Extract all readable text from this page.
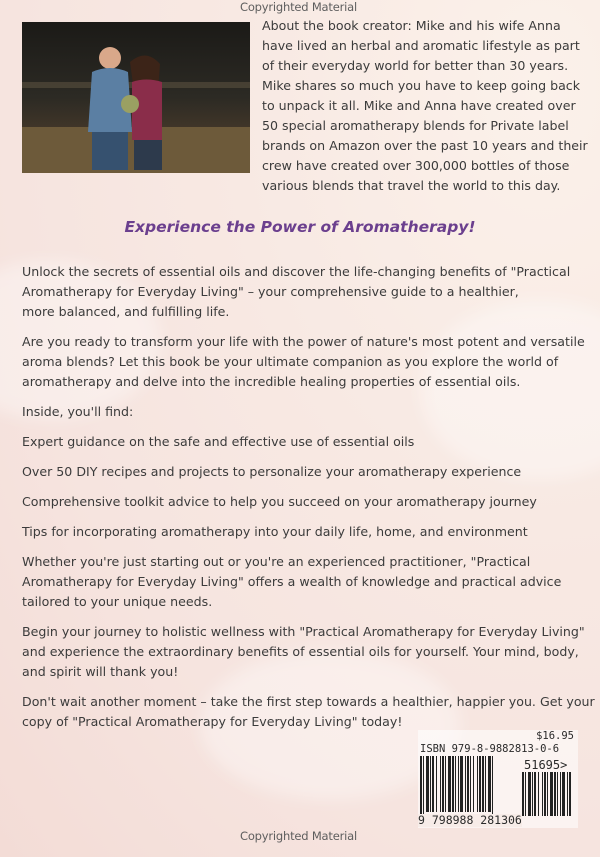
Copyrighted Material
About the book creator: Mike and his wife Anna
have lived an herbal and aromatic lifestyle as part
of their everyday world for better than 30 years.
Mike shares so much you have to keep going back
to unpack it all. Mike and Anna have created over
50 special aromatherapy blends for Private label
brands on Amazon over the past 10 years and their
crew have created over 300,000 bottles of those
various blends that travel the world to this day.
Experience the Power of Aromatherapy!
Unlock the secrets of essential oils and discover the life-changing benefits of "Practical
Aromatherapy for Everyday Living" – your comprehensive guide to a healthier,
more balanced, and fulfilling life.
Are you ready to transform your life with the power of nature's most potent and versatile
aroma blends? Let this book be your ultimate companion as you explore the world of
aromatherapy and delve into the incredible healing properties of essential oils.
Inside, you'll find:
Expert guidance on the safe and effective use of essential oils
Over 50 DIY recipes and projects to personalize your aromatherapy experience
Comprehensive toolkit advice to help you succeed on your aromatherapy journey
Tips for incorporating aromatherapy into your daily life, home, and environment
Whether you're just starting out or you're an experienced practitioner, "Practical
Aromatherapy for Everyday Living" offers a wealth of knowledge and practical advice
tailored to your unique needs.
Begin your journey to holistic wellness with "Practical Aromatherapy for Everyday Living"
and experience the extraordinary benefits of essential oils for yourself. Your mind, body,
and spirit will thank you!
Don't wait another moment – take the first step towards a healthier, happier you. Get your
copy of "Practical Aromatherapy for Everyday Living" today!
$16.95
ISBN 979-8-9882813-0-6
51695>
9 798988 281306
Copyrighted Material
